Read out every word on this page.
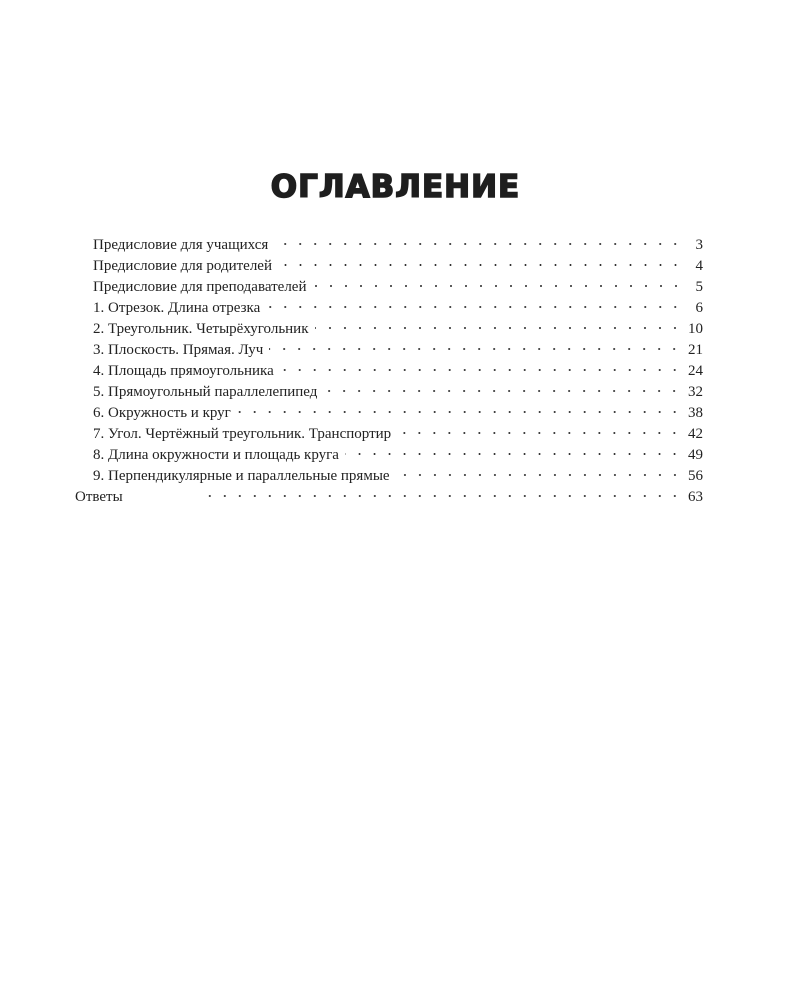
ОГЛАВЛЕНИЕ
Предисловие для учащихся	3
Предисловие для родителей	4
Предисловие для преподавателей	5
1. Отрезок. Длина отрезка	6
2. Треугольник. Четырёхугольник	10
3. Плоскость. Прямая. Луч	21
4. Площадь прямоугольника	24
5. Прямоугольный параллелепипед	32
6. Окружность и круг	38
7. Угол. Чертёжный треугольник. Транспортир	42
8. Длина окружности и площадь круга	49
9. Перпендикулярные и параллельные прямые	56
Ответы	63
